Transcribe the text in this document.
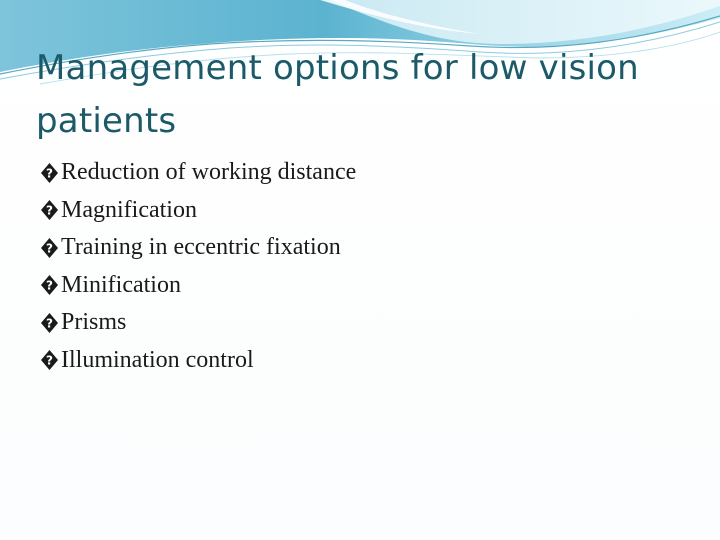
Management options for low vision patients
? Reduction of working distance
? Magnification
? Training in eccentric fixation
? Minification
? Prisms
? Illumination control
